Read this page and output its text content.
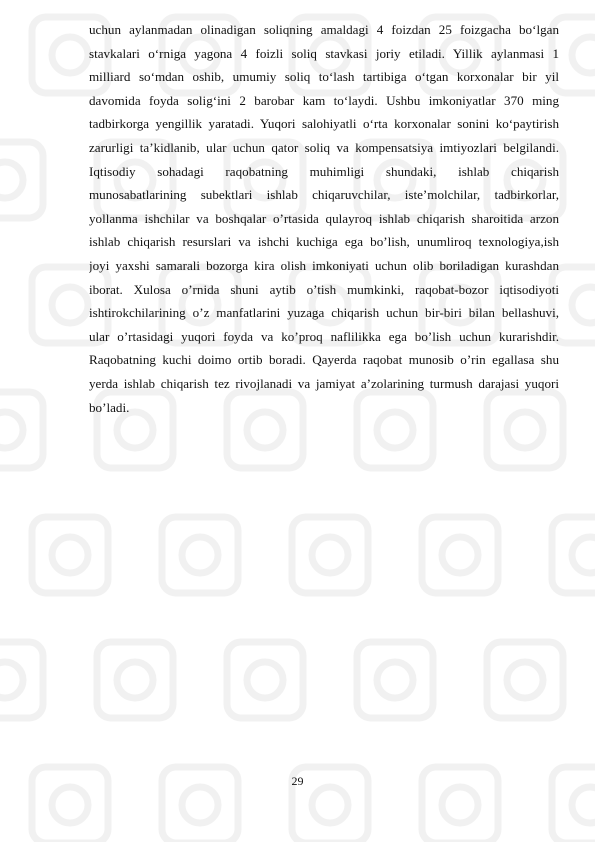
uchun aylanmadan olinadigan soliqning amaldagi 4 foizdan 25 foizgacha bo‘lgan
stavkalari o‘rniga yagona 4 foizli soliq stavkasi joriy etiladi. Yillik aylanmasi 1
milliard so‘mdan oshib, umumiy soliq to‘lash tartibiga o‘tgan korxonalar bir yil
davomida foyda solig‘ini 2 barobar kam to‘laydi. Ushbu imkoniyatlar 370 ming
tadbirkorga yengillik yaratadi. Yuqori salohiyatli o‘rta korxonalar sonini ko‘paytirish
zarurligi ta’kidlanib, ular uchun qator soliq va kompensatsiya imtiyozlari belgilandi.
Iqtisodiy sohadagi raqobatning muhimligi shundaki, ishlab chiqarish
munosabatlarining subektlari ishlab chiqaruvchilar, iste’molchilar, tadbirkorlar,
yollanma ishchilar va boshqalar o’rtasida qulayroq ishlab chiqarish sharoitida arzon
ishlab chiqarish resurslari va ishchi kuchiga ega bo’lish, unumliroq texnologiya,ish
joyi yaxshi samarali bozorga kira olish imkoniyati uchun olib boriladigan kurashdan
iborat. Xulosa o’rnida shuni aytib o’tish mumkinki, raqobat-bozor iqtisodiyoti
ishtirokchilarining o’z manfatlarini yuzaga chiqarish uchun bir-biri bilan bellashuvi,
ular o’rtasidagi yuqori foyda va ko’proq naflilikka ega bo’lish uchun kurarishdir.
Raqobatning kuchi doimo ortib boradi. Qayerda raqobat munosib o’rin egallasa shu
yerda ishlab chiqarish tez rivojlanadi va jamiyat a’zolarining turmush darajasi yuqori
bo’ladi.
29
